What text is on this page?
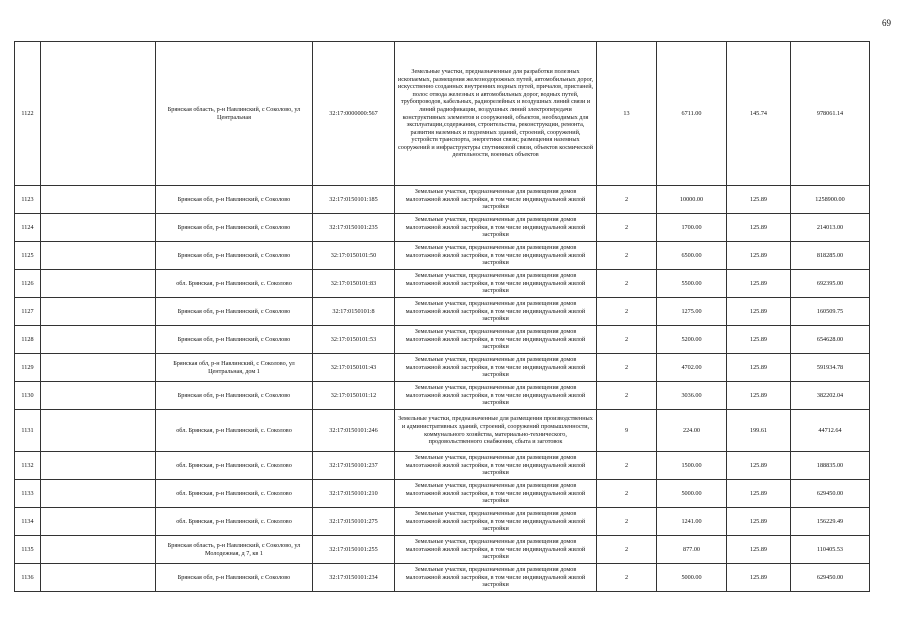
69
1122		Брянская область, р-н Навлинский, с Соколово, ул Центральная	32:17:0000000:567	Земельные участки, предназначенные для разработки полезных ископаемых, размещения железнодорожных путей, автомобильных дорог, искусственно созданных внутренних водных путей, причалов, пристаней, полос отвода железных и автомобильных дорог, водных путей, трубопроводов, кабельных, радиорелейных и воздушных линий связи и линий радиофикации, воздушных линий электропередачи конструктивных элементов и сооружений, объектов, необходимых для эксплуатации,содержания, строительства, реконструкции, ремонта, развития наземных и подземных зданий, строений, сооружений, устройств транспорта, энергетики связи; размещения наземных сооружений и инфраструктуры спутниковой связи, объектов космической деятельности, военных объектов	13	6711.00	145.74	978061.14
1123		Брянская обл, р-н Навлинский, с Соколово	32:17:0150101:185	Земельные участки, предназначенные для размещения домов малоэтажной жилой застройки, в том числе индивидуальной жилой застройки	2	10000.00	125.89	1258900.00
1124		Брянская обл, р-н Навлинский, с Соколово	32:17:0150101:235	Земельные участки, предназначенные для размещения домов малоэтажной жилой застройки, в том числе индивидуальной жилой застройки	2	1700.00	125.89	214013.00
1125		Брянская обл, р-н Навлинский, с Соколово	32:17:0150101:50	Земельные участки, предназначенные для размещения домов малоэтажной жилой застройки, в том числе индивидуальной жилой застройки	2	6500.00	125.89	818285.00
1126		обл. Брянская, р-н Навлинский, с. Соколово	32:17:0150101:83	Земельные участки, предназначенные для размещения домов малоэтажной жилой застройки, в том числе индивидуальной жилой застройки	2	5500.00	125.89	692395.00
1127		Брянская обл, р-н Навлинский, с Соколово	32:17:0150101:8	Земельные участки, предназначенные для размещения домов малоэтажной жилой застройки, в том числе индивидуальной жилой застройки	2	1275.00	125.89	160509.75
1128		Брянская обл, р-н Навлинский, с Соколово	32:17:0150101:53	Земельные участки, предназначенные для размещения домов малоэтажной жилой застройки, в том числе индивидуальной жилой застройки	2	5200.00	125.89	654628.00
1129		Брянская обл, р-н Навлинский, с Соколово, ул Центральная, дом 1	32:17:0150101:43	Земельные участки, предназначенные для размещения домов малоэтажной жилой застройки, в том числе индивидуальной жилой застройки	2	4702.00	125.89	591934.78
1130		Брянская обл, р-н Навлинский, с Соколово	32:17:0150101:12	Земельные участки, предназначенные для размещения домов малоэтажной жилой застройки, в том числе индивидуальной жилой застройки	2	3036.00	125.89	382202.04
1131		обл. Брянская, р-н Навлинский, с. Соколово	32:17:0150101:246	Земельные участки, предназначенные для размещения производственных и административных зданий, строений, сооружений промышленности, коммунального хозяйства, материально-технического, продовольственного снабжения, сбыта и заготовок	9	224.00	199.61	44712.64
1132		обл. Брянская, р-н Навлинский, с. Соколово	32:17:0150101:237	Земельные участки, предназначенные для размещения домов малоэтажной жилой застройки, в том числе индивидуальной жилой застройки	2	1500.00	125.89	188835.00
1133		обл. Брянская, р-н Навлинский, с. Соколово	32:17:0150101:210	Земельные участки, предназначенные для размещения домов малоэтажной жилой застройки, в том числе индивидуальной жилой застройки	2	5000.00	125.89	629450.00
1134		обл. Брянская, р-н Навлинский, с. Соколово	32:17:0150101:275	Земельные участки, предназначенные для размещения домов малоэтажной жилой застройки, в том числе индивидуальной жилой застройки	2	1241.00	125.89	156229.49
1135		Брянская область, р-н Навлинский, с Соколово, ул Молодежная, д 7, кв 1	32:17:0150101:255	Земельные участки, предназначенные для размещения домов малоэтажной жилой застройки, в том числе индивидуальной жилой застройки	2	877.00	125.89	110405.53
1136		Брянская обл, р-н Навлинский, с Соколово	32:17:0150101:234	Земельные участки, предназначенные для размещения домов малоэтажной жилой застройки, в том числе индивидуальной жилой застройки	2	5000.00	125.89	629450.00
